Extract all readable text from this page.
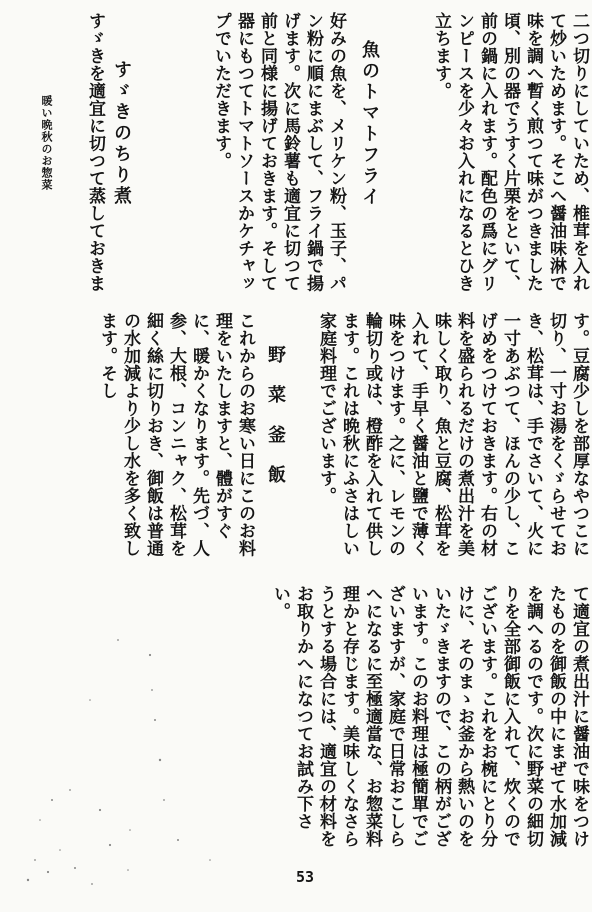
暖い晩秋のお惣菜	二つ切りにしていため、椎茸を入れて炒いためます。そこへ醤油味淋で味を調へ暫く煎つて味がつきました頃、別の器でうすく片栗をといて、前の鍋に入れます。配色の爲にグリンピースを少々お入れになるとひき立ちます。
魚のトマトフライ
好みの魚を、メリケン粉、玉子、パン粉に順にまぶして、フライ鍋で揚げます。次に馬鈴薯も適宜に切つて前と同様に揚げておきます。そして器にもつてトマトソースかケチャップでいただきます。
すゞきのちり煮
すゞきを適宜に切つて蒸しておきま
す。豆腐少しを部厚なやつこに切り、一寸お湯をくゞらせておき、松茸は、手でさいて、火に一寸あぶつて、ほんの少し、こげめをつけておきます。右の材料を盛られるだけの煮出汁を美味しく取り、魚と豆腐、松茸を入れて、手早く醤油と鹽で薄く味をつけます。之に、レモンの輪切り或は、橙酢を入れて供します。これは晩秋にふさはしい家庭料理でございます。
野菜釜飯
これからのお寒い日にこのお料理をいたしますと、體がすぐに、暖かくなります。先づ、人参、大根、コンニャク、松茸を細く絲に切りおき、御飯は普通の水加減より少し水を多く致します。そし
て適宜の煮出汁に醤油で味をつけたものを御飯の中にまぜて水加減を調へるのです。次に野菜の細切りを全部御飯に入れて、炊くのでございます。これをお椀にとり分けに、そのまゝお釜から熱いのをいたゞきますので、この柄がございます。このお料理は極簡單でございますが、家庭で日常おこしらへになるに至極適當な、お惣菜料理かと存じます。美味しくなさらうとする場合には、適宜の材料をお取りかへになつてお試み下さい。
53
